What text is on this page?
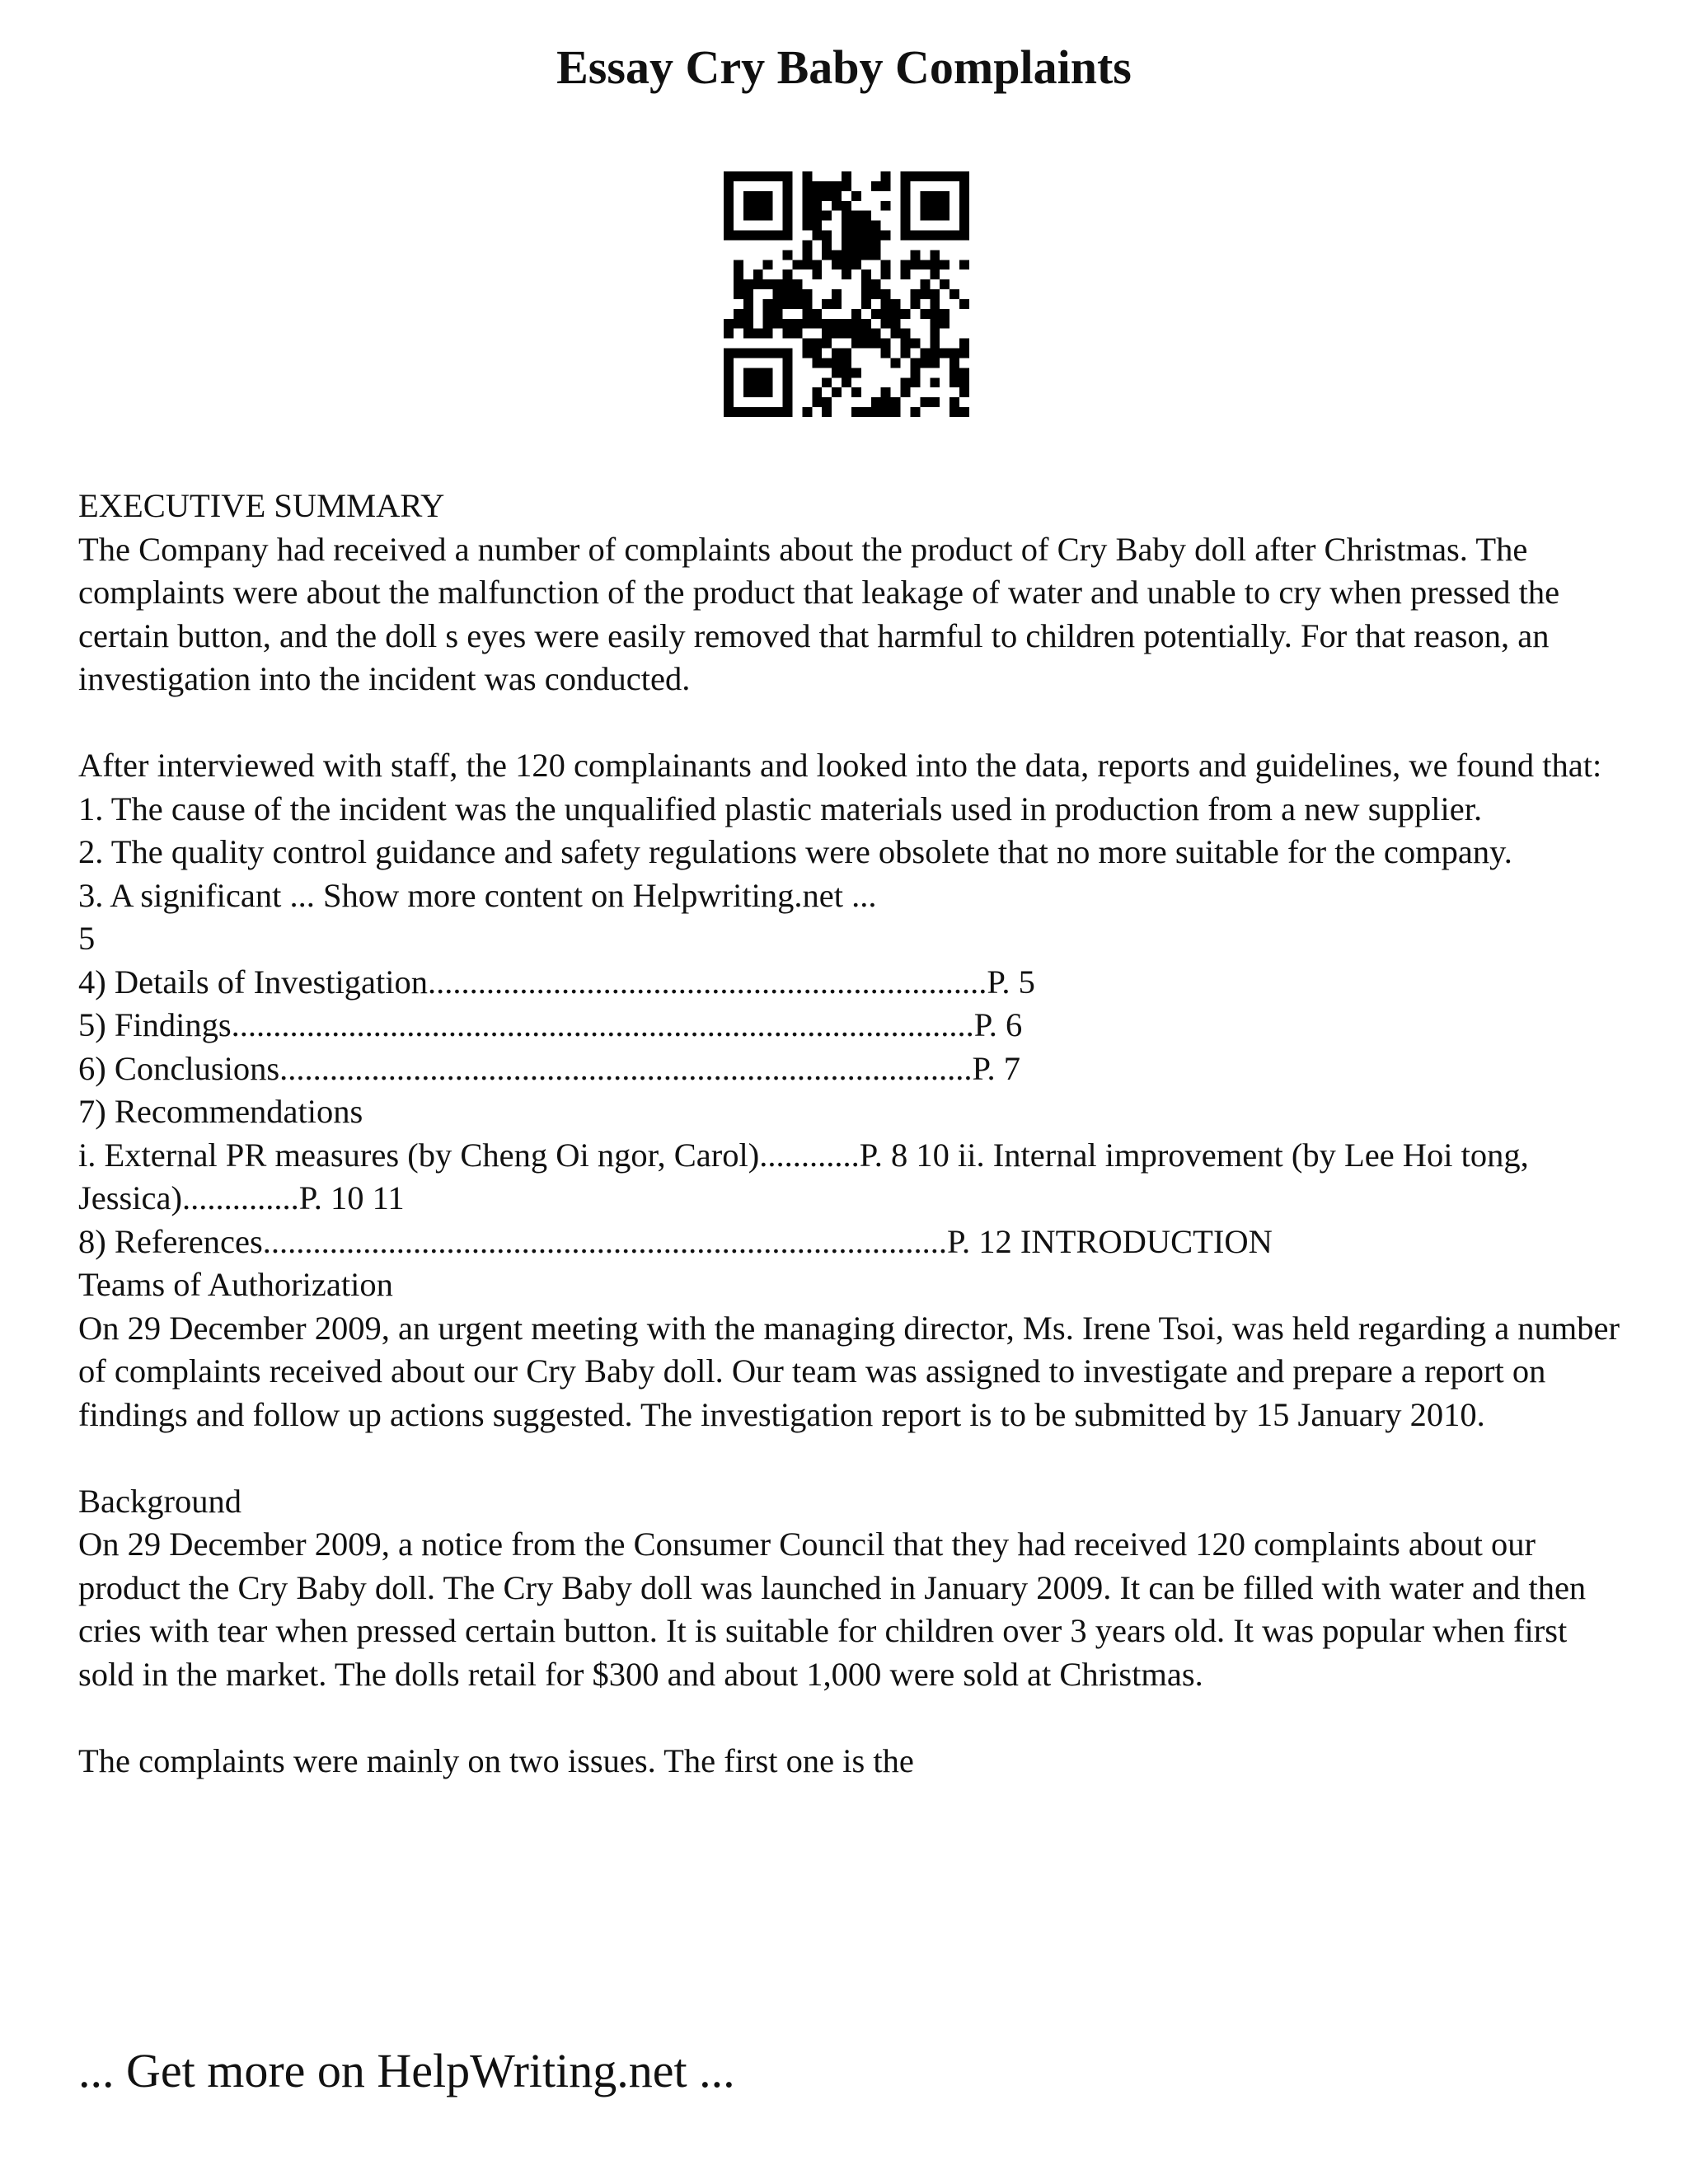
Essay Cry Baby Complaints

EXECUTIVE SUMMARY

The Company had received a number of complaints about the product of Cry Baby doll after Christmas. The complaints were about the malfunction of the product that leakage of water and unable to cry when pressed the certain button, and the doll s eyes were easily removed that harmful to children potentially. For that reason, an investigation into the incident was conducted.

After interviewed with staff, the 120 complainants and looked into the data, reports and guidelines, we found that:

1. The cause of the incident was the unqualified plastic materials used in production from a new supplier.

2. The quality control guidance and safety regulations were obsolete that no more suitable for the company.

3. A significant ... Show more content on Helpwriting.net ...

5

4) Details of Investigation...................................................................P. 5

5) Findings.........................................................................................P. 6

6) Conclusions...................................................................................P. 7

7) Recommendations

i. External PR measures (by Cheng Oi ngor, Carol)............P. 8 10 ii. Internal improvement (by Lee Hoi tong, Jessica)..............P. 10 11

8) References..................................................................................P. 12 INTRODUCTION

Teams of Authorization

On 29 December 2009, an urgent meeting with the managing director, Ms. Irene Tsoi, was held regarding a number of complaints received about our Cry Baby doll. Our team was assigned to investigate and prepare a report on findings and follow up actions suggested. The investigation report is to be submitted by 15 January 2010.

Background

On 29 December 2009, a notice from the Consumer Council that they had received 120 complaints about our product the Cry Baby doll. The Cry Baby doll was launched in January 2009. It can be filled with water and then cries with tear when pressed certain button. It is suitable for children over 3 years old. It was popular when first sold in the market. The dolls retail for $300 and about 1,000 were sold at Christmas.

The complaints were mainly on two issues. The first one is the

... Get more on HelpWriting.net ...
